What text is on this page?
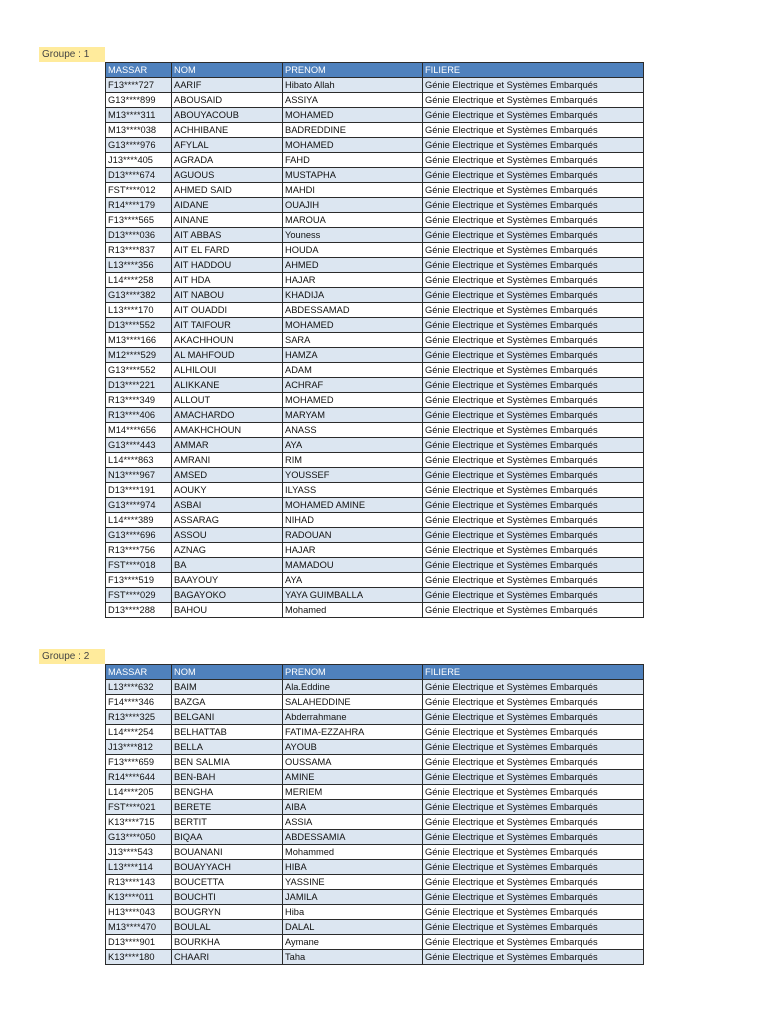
Groupe : 1
MASSAR	NOM	PRENOM	FILIERE
F13****727	AARIF	Hibato Allah	Génie Electrique et Systèmes Embarqués
G13****899	ABOUSAID	ASSIYA	Génie Electrique et Systèmes Embarqués
M13****311	ABOUYACOUB	MOHAMED	Génie Electrique et Systèmes Embarqués
M13****038	ACHHIBANE	BADREDDINE	Génie Electrique et Systèmes Embarqués
G13****976	AFYLAL	MOHAMED	Génie Electrique et Systèmes Embarqués
J13****405	AGRADA	FAHD	Génie Electrique et Systèmes Embarqués
D13****674	AGUOUS	MUSTAPHA	Génie Electrique et Systèmes Embarqués
FST****012	AHMED SAID	MAHDI	Génie Electrique et Systèmes Embarqués
R14****179	AIDANE	OUAJIH	Génie Electrique et Systèmes Embarqués
F13****565	AINANE	MAROUA	Génie Electrique et Systèmes Embarqués
D13****036	AIT ABBAS	Youness	Génie Electrique et Systèmes Embarqués
R13****837	AIT EL FARD	HOUDA	Génie Electrique et Systèmes Embarqués
L13****356	AIT HADDOU	AHMED	Génie Electrique et Systèmes Embarqués
L14****258	AIT HDA	HAJAR	Génie Electrique et Systèmes Embarqués
G13****382	AIT NABOU	KHADIJA	Génie Electrique et Systèmes Embarqués
L13****170	AIT OUADDI	ABDESSAMAD	Génie Electrique et Systèmes Embarqués
D13****552	AIT TAIFOUR	MOHAMED	Génie Electrique et Systèmes Embarqués
M13****166	AKACHHOUN	SARA	Génie Electrique et Systèmes Embarqués
M12****529	AL MAHFOUD	HAMZA	Génie Electrique et Systèmes Embarqués
G13****552	ALHILOUI	ADAM	Génie Electrique et Systèmes Embarqués
D13****221	ALIKKANE	ACHRAF	Génie Electrique et Systèmes Embarqués
R13****349	ALLOUT	MOHAMED	Génie Electrique et Systèmes Embarqués
R13****406	AMACHARDO	MARYAM	Génie Electrique et Systèmes Embarqués
M14****656	AMAKHCHOUN	ANASS	Génie Electrique et Systèmes Embarqués
G13****443	AMMAR	AYA	Génie Electrique et Systèmes Embarqués
L14****863	AMRANI	RIM	Génie Electrique et Systèmes Embarqués
N13****967	AMSED	YOUSSEF	Génie Electrique et Systèmes Embarqués
D13****191	AOUKY	ILYASS	Génie Electrique et Systèmes Embarqués
G13****974	ASBAI	MOHAMED AMINE	Génie Electrique et Systèmes Embarqués
L14****389	ASSARAG	NIHAD	Génie Electrique et Systèmes Embarqués
G13****696	ASSOU	RADOUAN	Génie Electrique et Systèmes Embarqués
R13****756	AZNAG	HAJAR	Génie Electrique et Systèmes Embarqués
FST****018	BA	MAMADOU	Génie Electrique et Systèmes Embarqués
F13****519	BAAYOUY	AYA	Génie Electrique et Systèmes Embarqués
FST****029	BAGAYOKO	YAYA GUIMBALLA	Génie Electrique et Systèmes Embarqués
D13****288	BAHOU	Mohamed	Génie Electrique et Systèmes Embarqués
Groupe : 2
MASSAR	NOM	PRENOM	FILIERE
L13****632	BAIM	Ala.Eddine	Génie Electrique et Systèmes Embarqués
F14****346	BAZGA	SALAHEDDINE	Génie Electrique et Systèmes Embarqués
R13****325	BELGANI	Abderrahmane	Génie Electrique et Systèmes Embarqués
L14****254	BELHATTAB	FATIMA-EZZAHRA	Génie Electrique et Systèmes Embarqués
J13****812	BELLA	AYOUB	Génie Electrique et Systèmes Embarqués
F13****659	BEN SALMIA	OUSSAMA	Génie Electrique et Systèmes Embarqués
R14****644	BEN-BAH	AMINE	Génie Electrique et Systèmes Embarqués
L14****205	BENGHA	MERIEM	Génie Electrique et Systèmes Embarqués
FST****021	BERETE	AIBA	Génie Electrique et Systèmes Embarqués
K13****715	BERTIT	ASSIA	Génie Electrique et Systèmes Embarqués
G13****050	BIQAA	ABDESSAMIA	Génie Electrique et Systèmes Embarqués
J13****543	BOUANANI	Mohammed	Génie Electrique et Systèmes Embarqués
L13****114	BOUAYYACH	HIBA	Génie Electrique et Systèmes Embarqués
R13****143	BOUCETTA	YASSINE	Génie Electrique et Systèmes Embarqués
K13****011	BOUCHTI	JAMILA	Génie Electrique et Systèmes Embarqués
H13****043	BOUGRYN	Hiba	Génie Electrique et Systèmes Embarqués
M13****470	BOULAL	DALAL	Génie Electrique et Systèmes Embarqués
D13****901	BOURKHA	Aymane	Génie Electrique et Systèmes Embarqués
K13****180	CHAARI	Taha	Génie Electrique et Systèmes Embarqués
